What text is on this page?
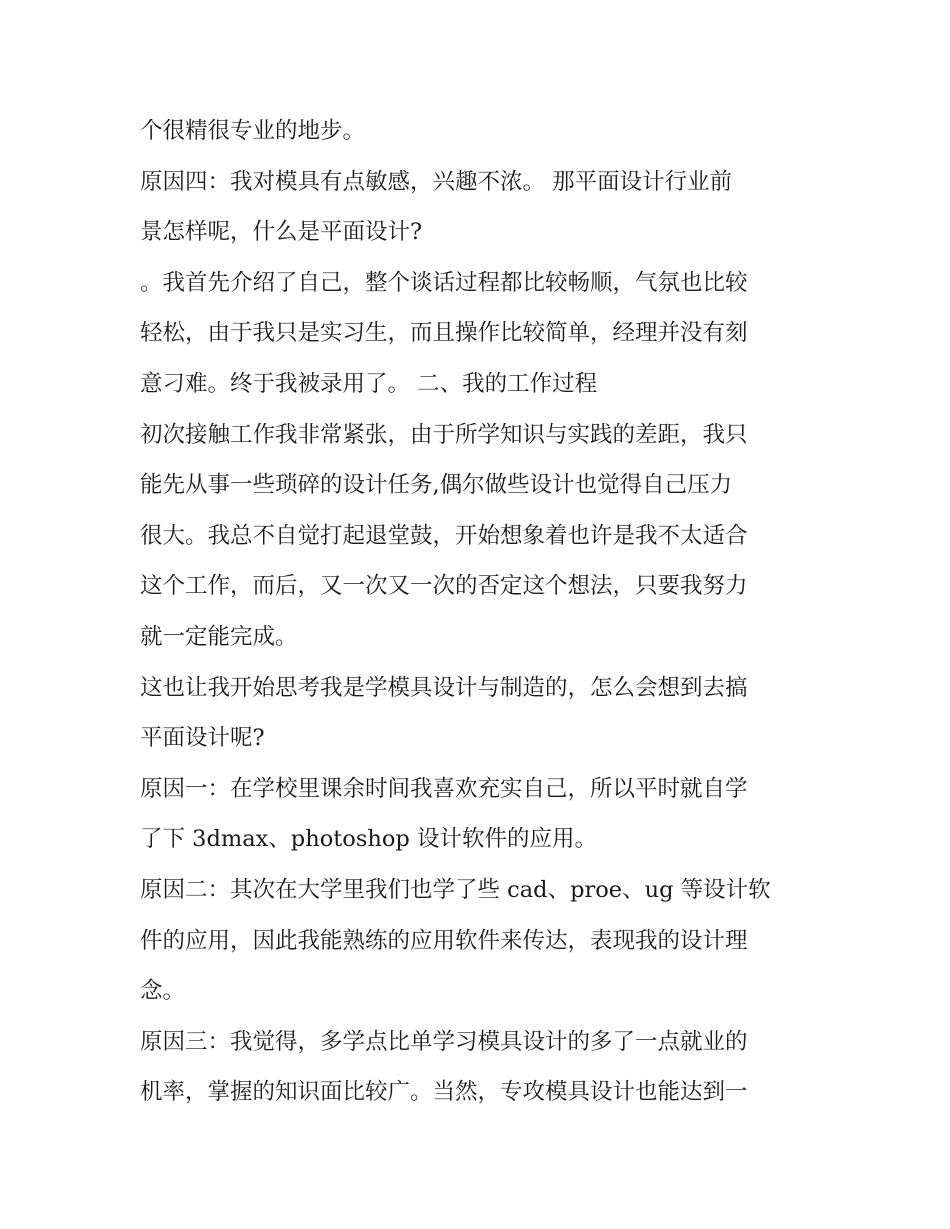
个很精很专业的地步。
原因四：我对模具有点敏感，兴趣不浓。 那平面设计行业前
景怎样呢，什么是平面设计?
。我首先介绍了自己，整个谈话过程都比较畅顺，气氛也比较
轻松，由于我只是实习生，而且操作比较简单，经理并没有刻
意刁难。终于我被录用了。 二、我的工作过程
初次接触工作我非常紧张，由于所学知识与实践的差距，我只
能先从事一些琐碎的设计任务,偶尔做些设计也觉得自己压力
很大。我总不自觉打起退堂鼓，开始想象着也许是我不太适合
这个工作，而后，又一次又一次的否定这个想法，只要我努力
就一定能完成。
这也让我开始思考我是学模具设计与制造的，怎么会想到去搞
平面设计呢?
原因一：在学校里课余时间我喜欢充实自己，所以平时就自学
了下 3dmax、photoshop 设计软件的应用。
原因二：其次在大学里我们也学了些 cad、proe、ug 等设计软
件的应用，因此我能熟练的应用软件来传达，表现我的设计理
念。
原因三：我觉得，多学点比单学习模具设计的多了一点就业的
机率，掌握的知识面比较广。当然，专攻模具设计也能达到一
